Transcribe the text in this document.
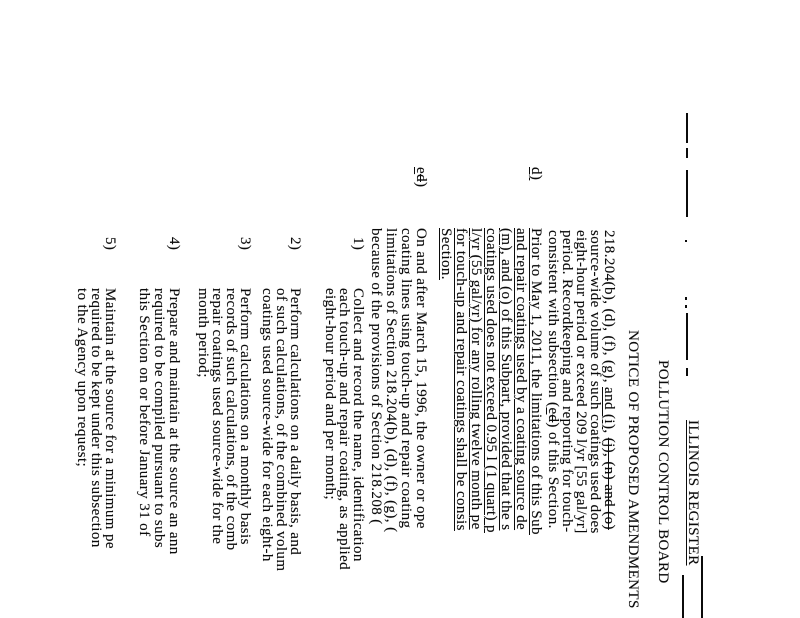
ILLINOIS REGISTER
POLLUTION CONTROL BOARD
NOTICE OF PROPOSED AMENDMENTS
218.204(b), (d), (f), (g), and (i), (j), (n) and (o)
source-wide volume of such coatings used does
eight-hour period or exceed 209 l/yr [55 gal/yr]
period. Recordkeeping and reporting for touch-
consistent with subsection (ed) of this Section.
d)
Prior to May 1, 2011, the limitations of this Sub
and repair coatings used by a coating source de
(m), and (o) of this Subpart, provided that the s
coatings used does not exceed 0.95 l (1 quart) p
l/yr (55 gal/yr) for any rolling twelve month pe
for touch-up and repair coatings shall be consis
Section.
ed)
On and after March 15, 1996, the owner or ope
coating lines using touch-up and repair coating
limitations of Section 218.204(b), (d), (f), (g), (
because of the provisions of Section 218.208 (
1)
Collect and record the name, identification
each touch-up and repair coating, as applied
eight-hour period and per month;
2)
Perform calculations on a daily basis, and
of such calculations, of the combined volum
coatings used source-wide for each eight-h
3)
Perform calculations on a monthly basis
records of such calculations, of the comb
repair coatings used source-wide for the
month period;
4)
Prepare and maintain at the source an ann
required to be compiled pursuant to subs
this Section on or before January 31 of
5)
Maintain at the source for a minimum pe
required to be kept under this subsection
to the Agency upon request;
